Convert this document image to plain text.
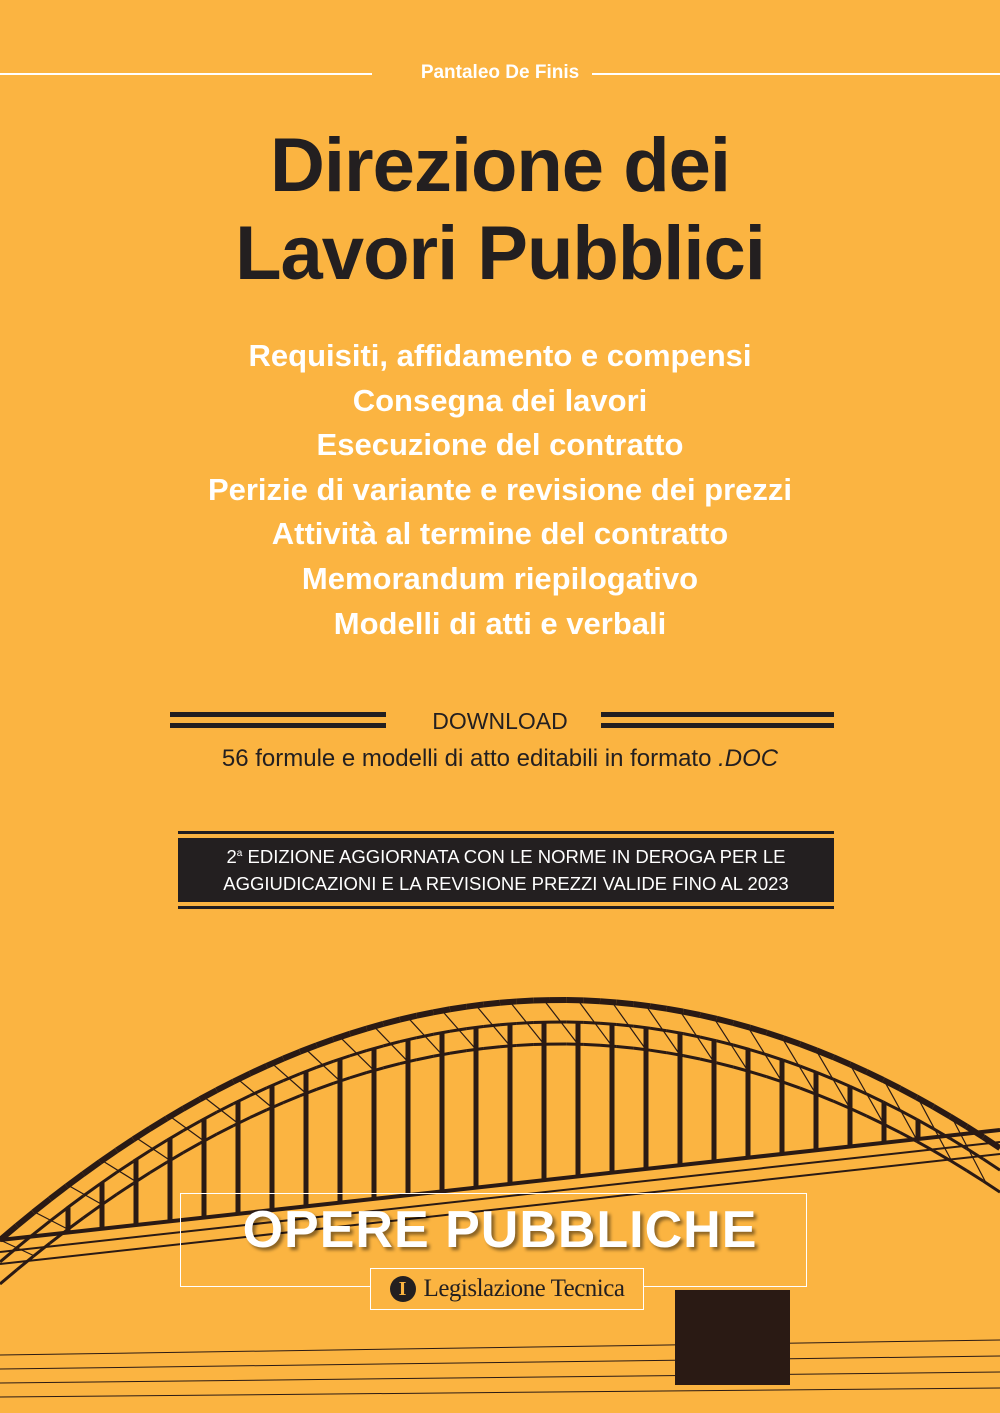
Pantaleo De Finis
Direzione dei
Lavori Pubblici
Requisiti, affidamento e compensi
Consegna dei lavori
Esecuzione del contratto
Perizie di variante e revisione dei prezzi
Attività al termine del contratto
Memorandum riepilogativo
Modelli di atti e verbali
DOWNLOAD
56 formule e modelli di atto editabili in formato .DOC
2$^a$ EDIZIONE AGGIORNATA CON LE NORME IN DEROGA PER LE
AGGIUDICAZIONI E LA REVISIONE PREZZI VALIDE FINO AL 2023
OPERE PUBBLICHE
I Legislazione Tecnica
